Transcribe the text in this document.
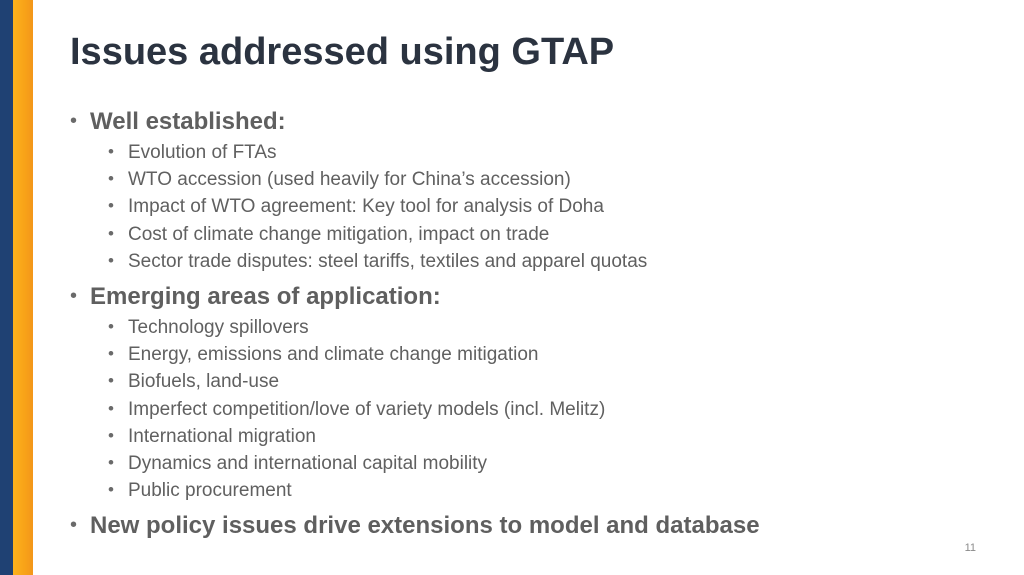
Issues addressed using GTAP
• Well established:
• Evolution of FTAs
• WTO accession (used heavily for China’s accession)
• Impact of WTO agreement: Key tool for analysis of Doha
• Cost of climate change mitigation, impact on trade
• Sector trade disputes: steel tariffs, textiles and apparel quotas
• Emerging areas of application:
• Technology spillovers
• Energy, emissions and climate change mitigation
• Biofuels, land-use
• Imperfect competition/love of variety models (incl. Melitz)
• International migration
• Dynamics and international capital mobility
• Public procurement
• New policy issues drive extensions to model and database
11
